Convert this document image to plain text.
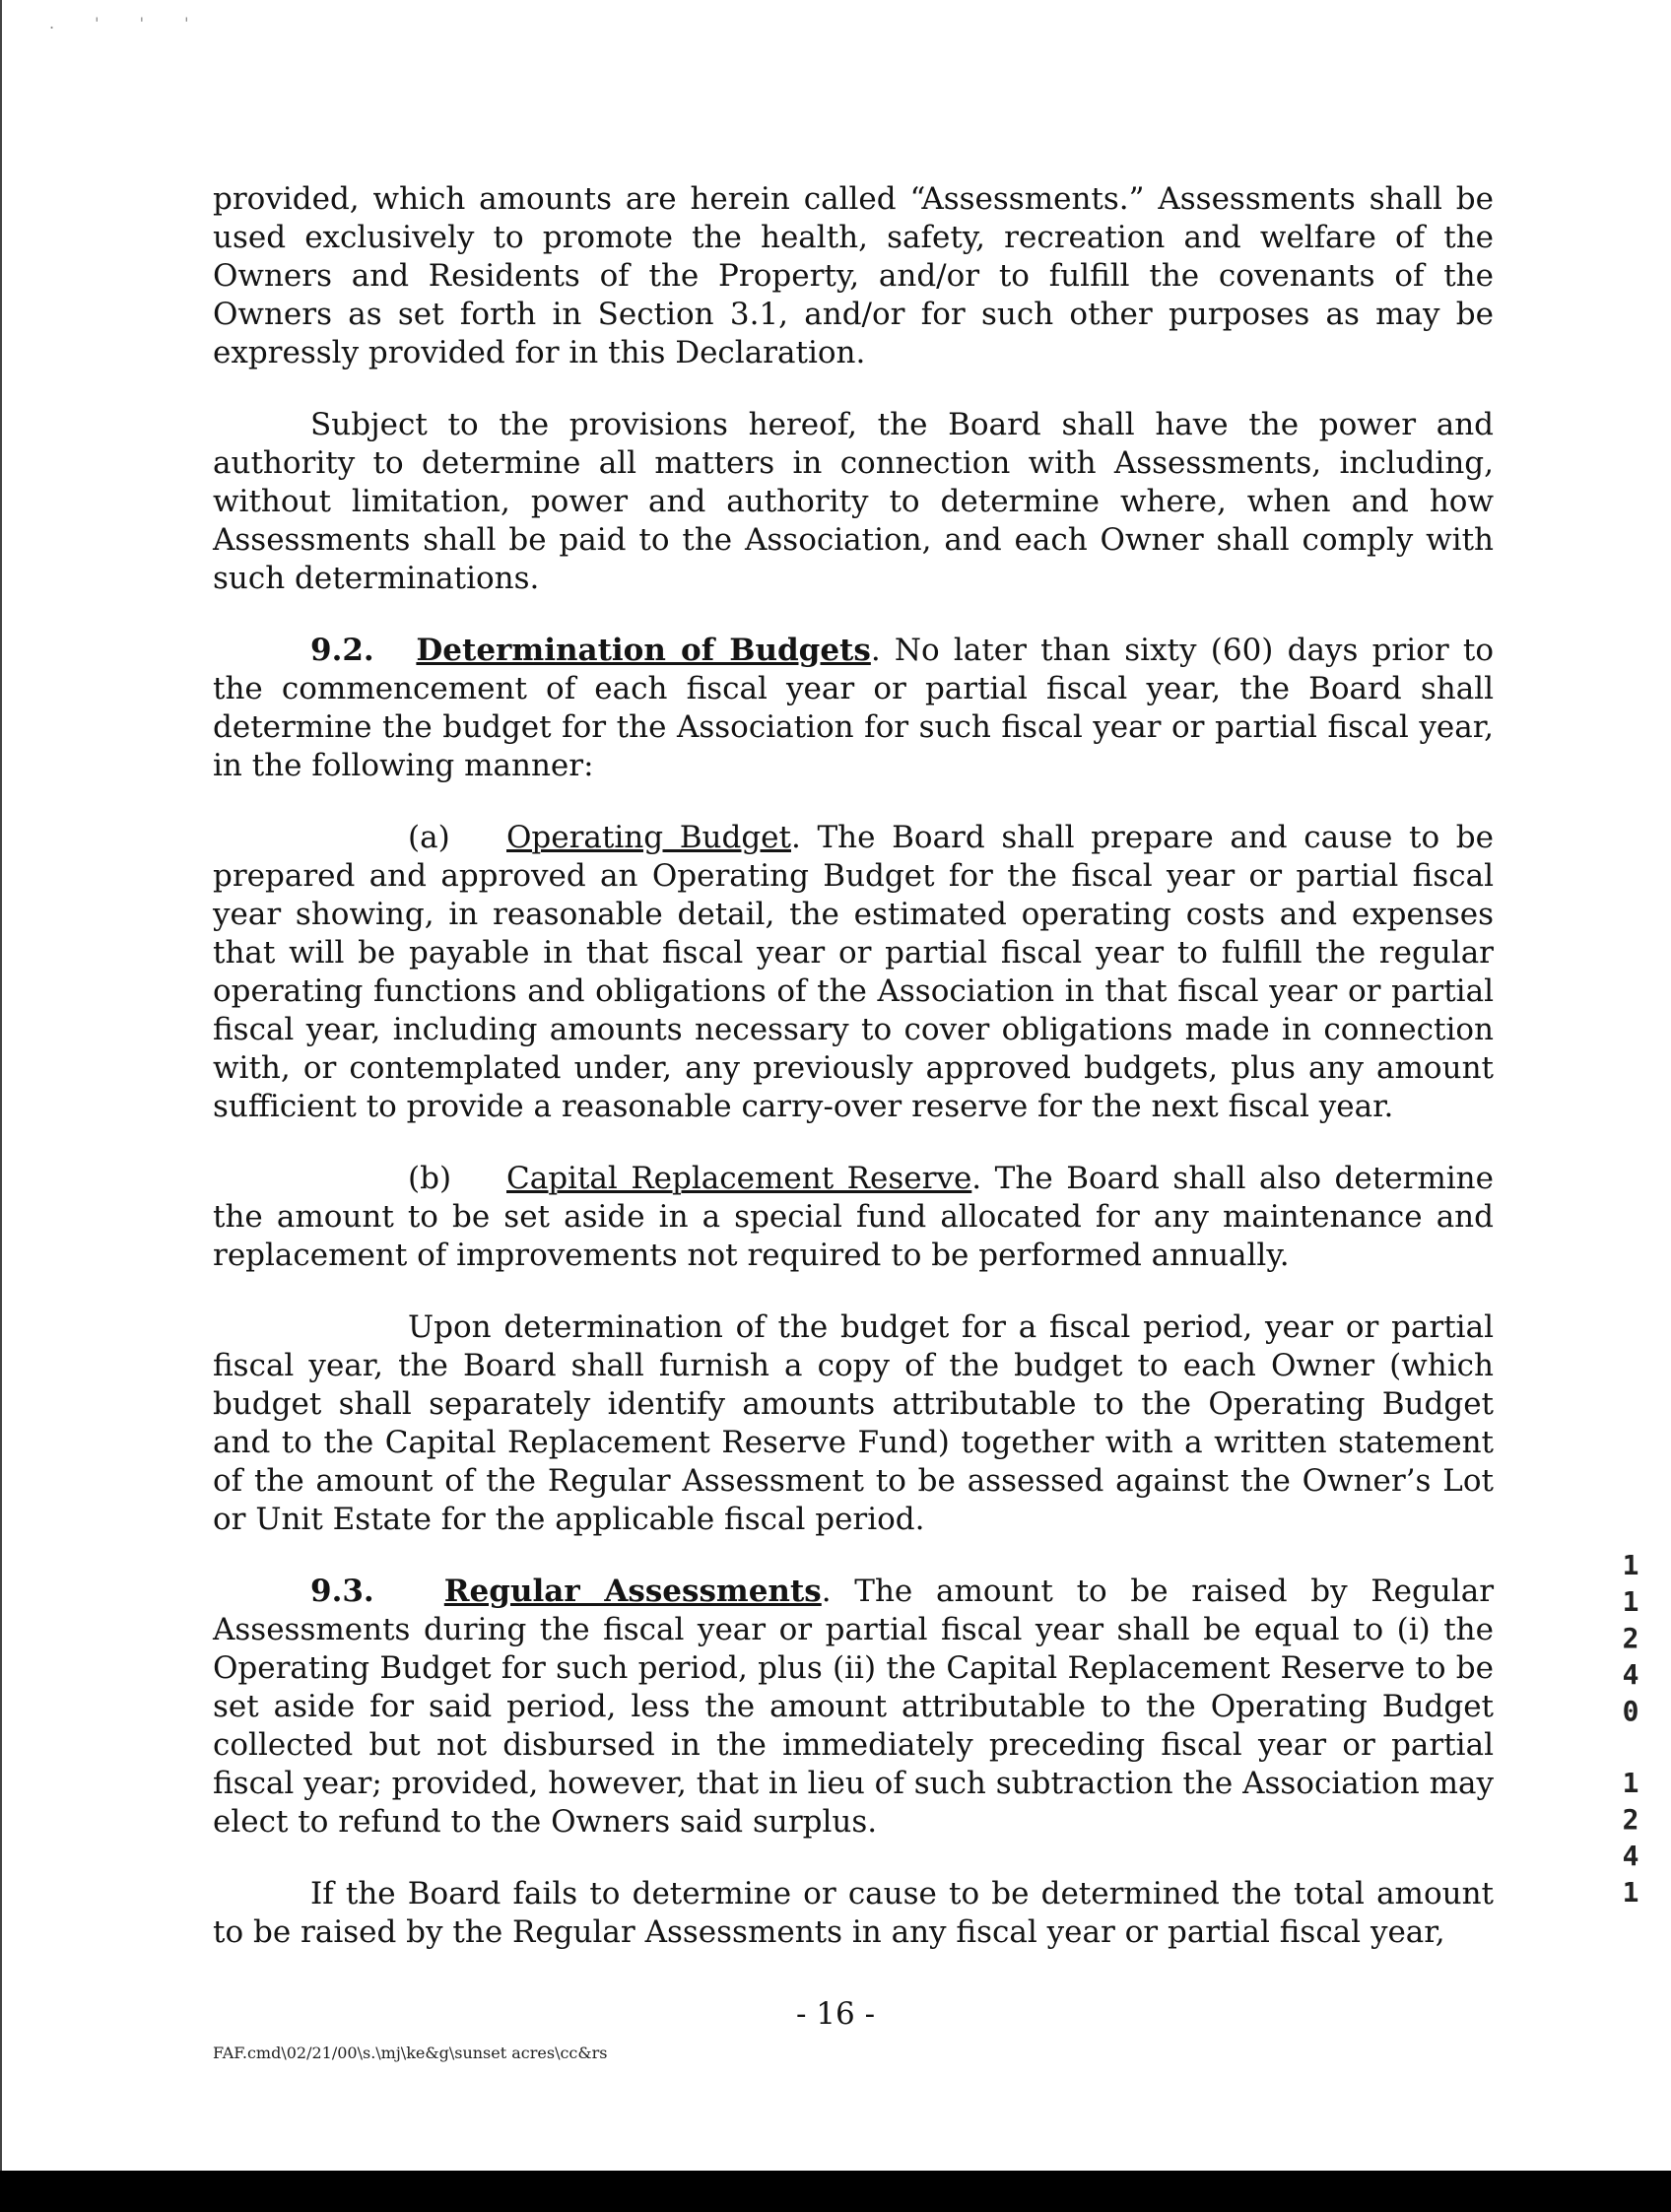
. ' ' '

provided, which amounts are herein called “Assessments.” Assessments shall be used exclusively to promote the health, safety, recreation and welfare of the Owners and Residents of the Property, and/or to fulfill the covenants of the Owners as set forth in Section 3.1, and/or for such other purposes as may be expressly provided for in this Declaration.

Subject to the provisions hereof, the Board shall have the power and authority to determine all matters in connection with Assessments, including, without limitation, power and authority to determine where, when and how Assessments shall be paid to the Association, and each Owner shall comply with such determinations.

9.2. Determination of Budgets. No later than sixty (60) days prior to the commencement of each fiscal year or partial fiscal year, the Board shall determine the budget for the Association for such fiscal year or partial fiscal year, in the following manner:

(a) Operating Budget. The Board shall prepare and cause to be prepared and approved an Operating Budget for the fiscal year or partial fiscal year showing, in reasonable detail, the estimated operating costs and expenses that will be payable in that fiscal year or partial fiscal year to fulfill the regular operating functions and obligations of the Association in that fiscal year or partial fiscal year, including amounts necessary to cover obligations made in connection with, or contemplated under, any previously approved budgets, plus any amount sufficient to provide a reasonable carry-over reserve for the next fiscal year.

(b) Capital Replacement Reserve. The Board shall also determine the amount to be set aside in a special fund allocated for any maintenance and replacement of improvements not required to be performed annually.

Upon determination of the budget for a fiscal period, year or partial fiscal year, the Board shall furnish a copy of the budget to each Owner (which budget shall separately identify amounts attributable to the Operating Budget and to the Capital Replacement Reserve Fund) together with a written statement of the amount of the Regular Assessment to be assessed against the Owner’s Lot or Unit Estate for the applicable fiscal period.

9.3. Regular Assessments. The amount to be raised by Regular Assessments during the fiscal year or partial fiscal year shall be equal to (i) the Operating Budget for such period, plus (ii) the Capital Replacement Reserve to be set aside for said period, less the amount attributable to the Operating Budget collected but not disbursed in the immediately preceding fiscal year or partial fiscal year; provided, however, that in lieu of such subtraction the Association may elect to refund to the Owners said surplus.

If the Board fails to determine or cause to be determined the total amount to be raised by the Regular Assessments in any fiscal year or partial fiscal year,

- 16 -
FAF.cmd\02/21/00\s.\mj\ke&g\sunset acres\cc&rs
1
1
2
4
0
1
2
4
1
